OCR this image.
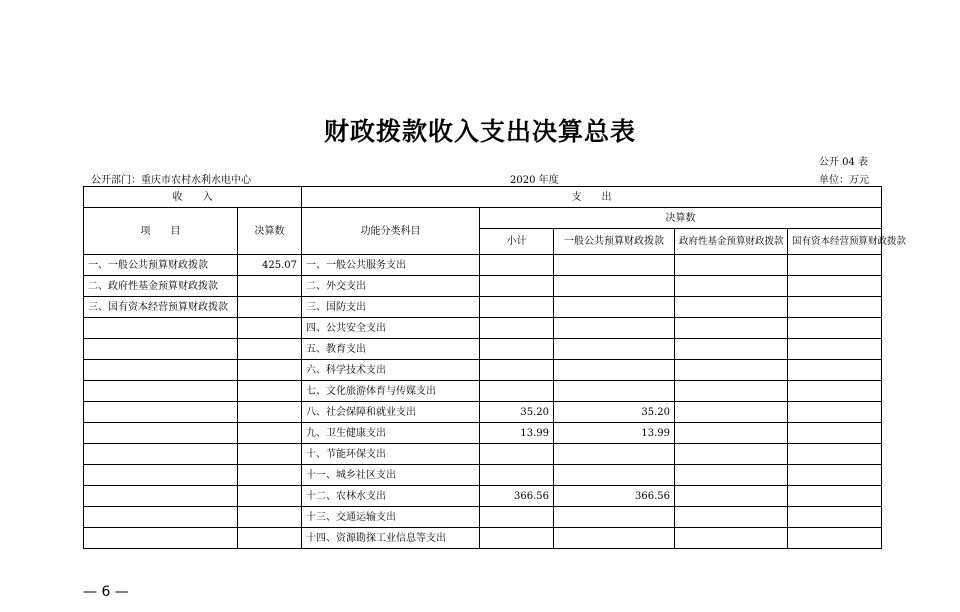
财政拨款收入支出决算总表
公开 04 表
公开部门：重庆市农村水利水电中心	2020 年度	单位：万元
收　　入		支　　出				
项　　目	决算数	功能分类科目	决算数			
			小计	一般公共预算财政拨款	政府性基金预算财政拨款	国有资本经营预算财政拨款
一、一般公共预算财政拨款	425.07	一、一般公共服务支出				
二、政府性基金预算财政拨款		二、外交支出				
三、国有资本经营预算财政拨款		三、国防支出				
		四、公共安全支出				
		五、教育支出				
		六、科学技术支出				
		七、文化旅游体育与传媒支出				
		八、社会保障和就业支出	35.20	35.20		
		九、卫生健康支出	13.99	13.99		
		十、节能环保支出				
		十一、城乡社区支出				
		十二、农林水支出	366.56	366.56		
		十三、交通运输支出				
		十四、资源勘探工业信息等支出				
— 6 —
